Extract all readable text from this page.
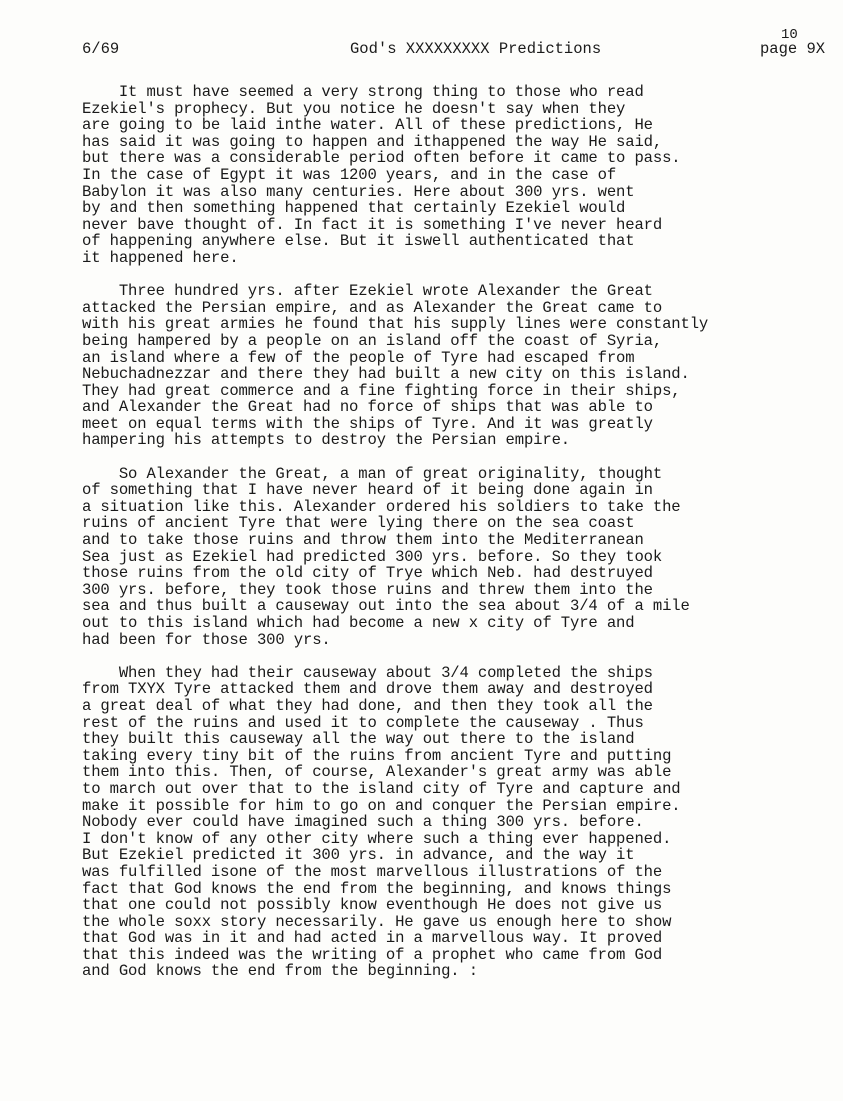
6/69	God's XXXXXXXXX Predictions	page 9X
10
It must have seemed a very strong thing to those who read
Ezekiel's prophecy. But you notice he doesn't say when they
are going to be laid inthe water. All of these predictions, He
has said it was going to happen and ithappened the way He said,
but there was a considerable period often before it came to pass.
In the case of Egypt it was 1200 years, and in the case of
Babylon it was also many centuries. Here about 300 yrs. went
by and then something happened that certainly Ezekiel would
never bave thought of. In fact it is something I've never heard
of happening anywhere else. But it iswell authenticated that
it happened here.
Three hundred yrs. after Ezekiel wrote Alexander the Great
attacked the Persian empire, and as Alexander the Great came to
with his great armies he found that his supply lines were constantly
being hampered by a people on an island off the coast of Syria,
an island where a few of the people of Tyre had escaped from
Nebuchadnezzar and there they had built a new city on this island.
They had great commerce and a fine fighting force in their ships,
and Alexander the Great had no force of ships that was able to
meet on equal terms with the ships of Tyre. And it was greatly
hampering his attempts to destroy the Persian empire.
So Alexander the Great, a man of great originality, thought
of something that I have never heard of it being done again in
a situation like this. Alexander ordered his soldiers to take the
ruins of ancient Tyre that were lying there on the sea coast
and to take those ruins and throw them into the Mediterranean
Sea just as Ezekiel had predicted 300 yrs. before. So they took
those ruins from the old city of Trye which Neb. had destruyed
300 yrs. before, they took those ruins and threw them into the
sea and thus built a causeway out into the sea about 3/4 of a mile
out to this island which had become a new x city of Tyre and
had been for those 300 yrs.
When they had their causeway about 3/4 completed the ships
from TXYX Tyre attacked them and drove them away and destroyed
a great deal of what they had done, and then they took all the
rest of the ruins and used it to complete the causeway . Thus
they built this causeway all the way out there to the island
taking every tiny bit of the ruins from ancient Tyre and putting
them into this. Then, of course, Alexander's great army was able
to march out over that to the island city of Tyre and capture and
make it possible for him to go on and conquer the Persian empire.
Nobody ever could have imagined such a thing 300 yrs. before.
I don't know of any other city where such a thing ever happened.
But Ezekiel predicted it 300 yrs. in advance, and the way it
was fulfilled isone of the most marvellous illustrations of the
fact that God knows the end from the beginning, and knows things
that one could not possibly know eventhough He does not give us
the whole soxx story necessarily. He gave us enough here to show
that God was in it and had acted in a marvellous way. It proved
that this indeed was the writing of a prophet who came from God
and God knows the end from the beginning. :
